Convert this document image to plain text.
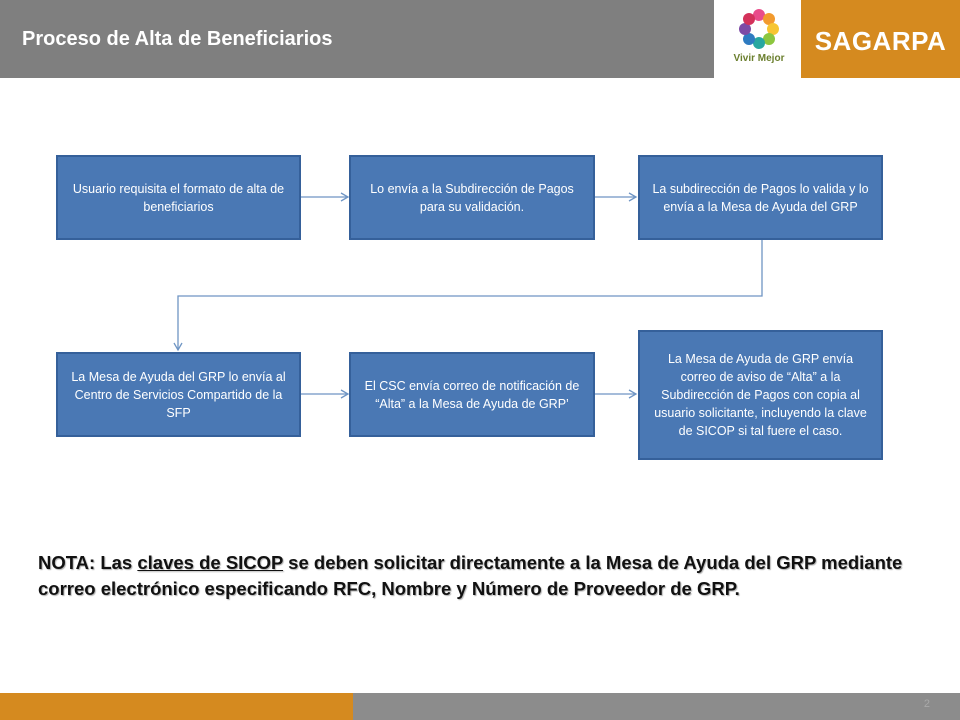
Proceso de Alta de Beneficiarios
Vivir Mejor
SAGARPA
Usuario requisita el formato de alta de beneficiarios
Lo envía a la Subdirección de Pagos para su validación.
La subdirección de Pagos lo valida y lo envía a la Mesa de Ayuda del GRP
La Mesa de Ayuda del GRP lo envía al Centro de Servicios Compartido de la SFP
El CSC envía correo de notificación de “Alta” a la Mesa de Ayuda de GRP’
La Mesa de Ayuda de GRP envía correo de aviso de “Alta” a la Subdirección de Pagos con copia al usuario solicitante, incluyendo la clave de SICOP si tal fuere el caso.
NOTA: Las claves de SICOP se deben solicitar directamente a la Mesa de Ayuda del GRP mediante correo electrónico especificando RFC, Nombre y Número de Proveedor de GRP.
2
